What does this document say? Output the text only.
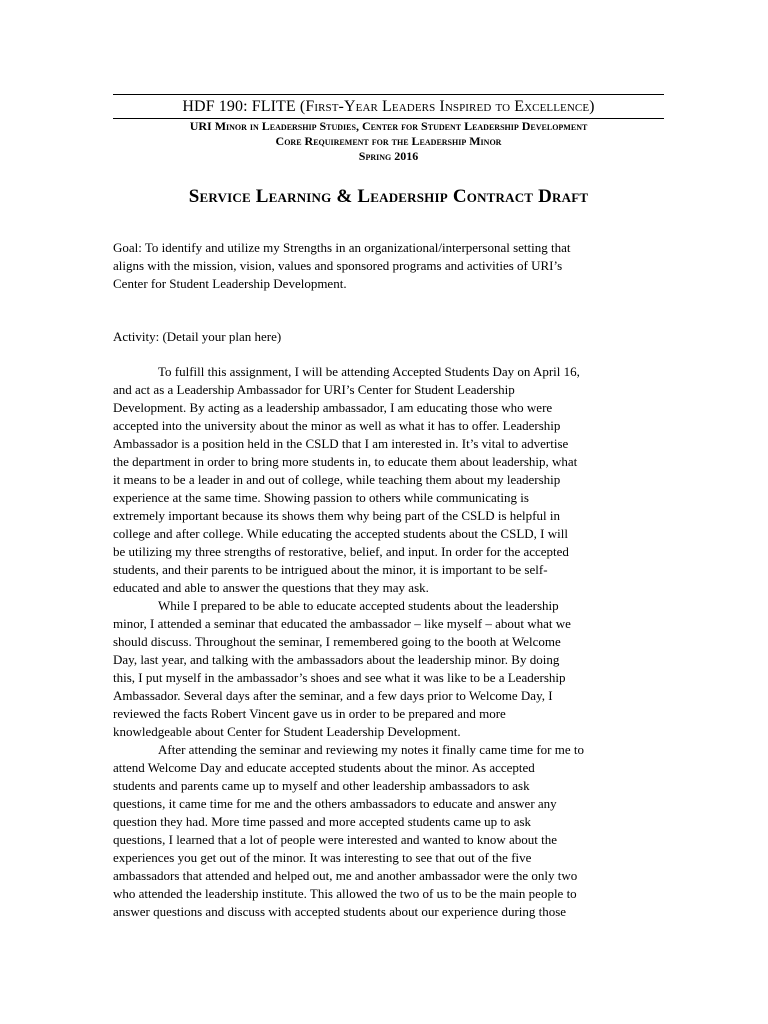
HDF 190: FLITE (First-Year Leaders Inspired to Excellence)
URI Minor in Leadership Studies, Center for Student Leadership Development
Core Requirement for the Leadership Minor
Spring 2016
Service Learning & Leadership Contract Draft
Goal: To identify and utilize my Strengths in an organizational/interpersonal setting that
aligns with the mission, vision, values and sponsored programs and activities of URI’s
Center for Student Leadership Development.
Activity: (Detail your plan here)

To fulfill this assignment, I will be attending Accepted Students Day on April 16,
and act as a Leadership Ambassador for URI’s Center for Student Leadership
Development. By acting as a leadership ambassador, I am educating those who were
accepted into the university about the minor as well as what it has to offer. Leadership
Ambassador is a position held in the CSLD that I am interested in. It’s vital to advertise
the department in order to bring more students in, to educate them about leadership, what
it means to be a leader in and out of college, while teaching them about my leadership
experience at the same time. Showing passion to others while communicating is
extremely important because its shows them why being part of the CSLD is helpful in
college and after college. While educating the accepted students about the CSLD, I will
be utilizing my three strengths of restorative, belief, and input. In order for the accepted
students, and their parents to be intrigued about the minor, it is important to be self-
educated and able to answer the questions that they may ask.

While I prepared to be able to educate accepted students about the leadership
minor, I attended a seminar that educated the ambassador – like myself – about what we
should discuss. Throughout the seminar, I remembered going to the booth at Welcome
Day, last year, and talking with the ambassadors about the leadership minor. By doing
this, I put myself in the ambassador’s shoes and see what it was like to be a Leadership
Ambassador. Several days after the seminar, and a few days prior to Welcome Day, I
reviewed the facts Robert Vincent gave us in order to be prepared and more
knowledgeable about Center for Student Leadership Development.

After attending the seminar and reviewing my notes it finally came time for me to
attend Welcome Day and educate accepted students about the minor. As accepted
students and parents came up to myself and other leadership ambassadors to ask
questions, it came time for me and the others ambassadors to educate and answer any
question they had. More time passed and more accepted students came up to ask
questions, I learned that a lot of people were interested and wanted to know about the
experiences you get out of the minor. It was interesting to see that out of the five
ambassadors that attended and helped out, me and another ambassador were the only two
who attended the leadership institute. This allowed the two of us to be the main people to
answer questions and discuss with accepted students about our experience during those
